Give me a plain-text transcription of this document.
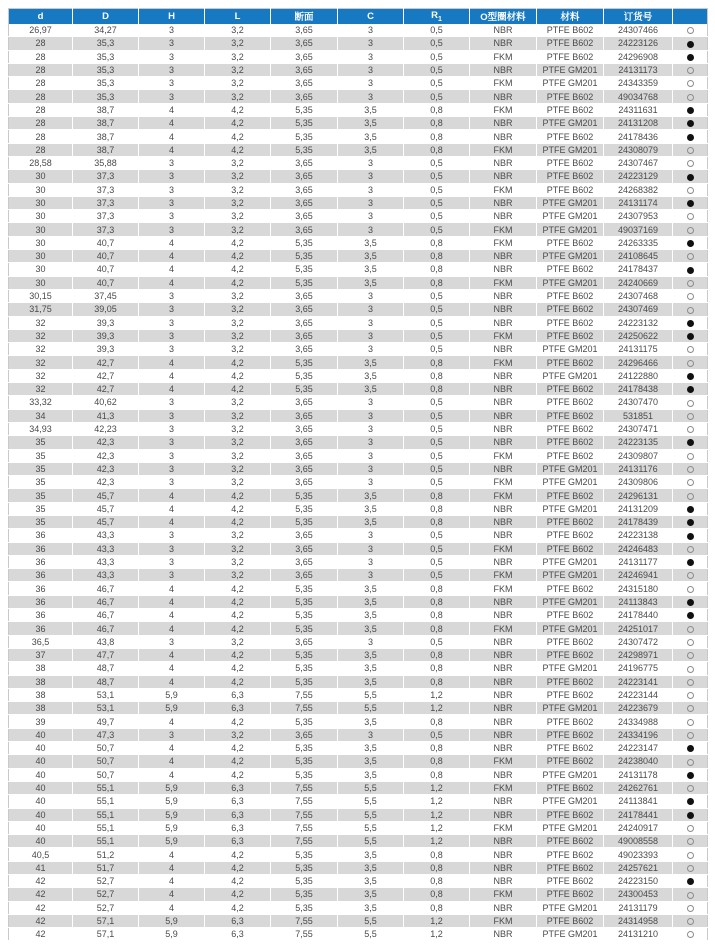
d	D	H	L	断面	C	$R_1$	O型圈材料	材料	订货号	
26,97	34,27	3	3,2	3,65	3	0,5	NBR	PTFE B602	24307466	
28	35,3	3	3,2	3,65	3	0,5	NBR	PTFE B602	24223126	
28	35,3	3	3,2	3,65	3	0,5	FKM	PTFE B602	24296908	
28	35,3	3	3,2	3,65	3	0,5	NBR	PTFE GM201	24131173	
28	35,3	3	3,2	3,65	3	0,5	FKM	PTFE GM201	24343359	
28	35,3	3	3,2	3,65	3	0,5	NBR	PTFE B602	49034768	
28	38,7	4	4,2	5,35	3,5	0,8	FKM	PTFE B602	24311631	
28	38,7	4	4,2	5,35	3,5	0,8	NBR	PTFE GM201	24131208	
28	38,7	4	4,2	5,35	3,5	0,8	NBR	PTFE B602	24178436	
28	38,7	4	4,2	5,35	3,5	0,8	FKM	PTFE GM201	24308079	
28,58	35,88	3	3,2	3,65	3	0,5	NBR	PTFE B602	24307467	
30	37,3	3	3,2	3,65	3	0,5	NBR	PTFE B602	24223129	
30	37,3	3	3,2	3,65	3	0,5	FKM	PTFE B602	24268382	
30	37,3	3	3,2	3,65	3	0,5	NBR	PTFE GM201	24131174	
30	37,3	3	3,2	3,65	3	0,5	NBR	PTFE GM201	24307953	
30	37,3	3	3,2	3,65	3	0,5	FKM	PTFE GM201	49037169	
30	40,7	4	4,2	5,35	3,5	0,8	FKM	PTFE B602	24263335	
30	40,7	4	4,2	5,35	3,5	0,8	NBR	PTFE GM201	24108645	
30	40,7	4	4,2	5,35	3,5	0,8	NBR	PTFE B602	24178437	
30	40,7	4	4,2	5,35	3,5	0,8	FKM	PTFE GM201	24240669	
30,15	37,45	3	3,2	3,65	3	0,5	NBR	PTFE B602	24307468	
31,75	39,05	3	3,2	3,65	3	0,5	NBR	PTFE B602	24307469	
32	39,3	3	3,2	3,65	3	0,5	NBR	PTFE B602	24223132	
32	39,3	3	3,2	3,65	3	0,5	FKM	PTFE B602	24250622	
32	39,3	3	3,2	3,65	3	0,5	NBR	PTFE GM201	24131175	
32	42,7	4	4,2	5,35	3,5	0,8	FKM	PTFE B602	24296466	
32	42,7	4	4,2	5,35	3,5	0,8	NBR	PTFE GM201	24122880	
32	42,7	4	4,2	5,35	3,5	0,8	NBR	PTFE B602	24178438	
33,32	40,62	3	3,2	3,65	3	0,5	NBR	PTFE B602	24307470	
34	41,3	3	3,2	3,65	3	0,5	NBR	PTFE B602	531851	
34,93	42,23	3	3,2	3,65	3	0,5	NBR	PTFE B602	24307471	
35	42,3	3	3,2	3,65	3	0,5	NBR	PTFE B602	24223135	
35	42,3	3	3,2	3,65	3	0,5	FKM	PTFE B602	24309807	
35	42,3	3	3,2	3,65	3	0,5	NBR	PTFE GM201	24131176	
35	42,3	3	3,2	3,65	3	0,5	FKM	PTFE GM201	24309806	
35	45,7	4	4,2	5,35	3,5	0,8	FKM	PTFE B602	24296131	
35	45,7	4	4,2	5,35	3,5	0,8	NBR	PTFE GM201	24131209	
35	45,7	4	4,2	5,35	3,5	0,8	NBR	PTFE B602	24178439	
36	43,3	3	3,2	3,65	3	0,5	NBR	PTFE B602	24223138	
36	43,3	3	3,2	3,65	3	0,5	FKM	PTFE B602	24246483	
36	43,3	3	3,2	3,65	3	0,5	NBR	PTFE GM201	24131177	
36	43,3	3	3,2	3,65	3	0,5	FKM	PTFE GM201	24246941	
36	46,7	4	4,2	5,35	3,5	0,8	FKM	PTFE B602	24315180	
36	46,7	4	4,2	5,35	3,5	0,8	NBR	PTFE GM201	24113843	
36	46,7	4	4,2	5,35	3,5	0,8	NBR	PTFE B602	24178440	
36	46,7	4	4,2	5,35	3,5	0,8	FKM	PTFE GM201	24251017	
36,5	43,8	3	3,2	3,65	3	0,5	NBR	PTFE B602	24307472	
37	47,7	4	4,2	5,35	3,5	0,8	NBR	PTFE B602	24298971	
38	48,7	4	4,2	5,35	3,5	0,8	NBR	PTFE GM201	24196775	
38	48,7	4	4,2	5,35	3,5	0,8	NBR	PTFE B602	24223141	
38	53,1	5,9	6,3	7,55	5,5	1,2	NBR	PTFE B602	24223144	
38	53,1	5,9	6,3	7,55	5,5	1,2	NBR	PTFE GM201	24223679	
39	49,7	4	4,2	5,35	3,5	0,8	NBR	PTFE B602	24334988	
40	47,3	3	3,2	3,65	3	0,5	NBR	PTFE B602	24334196	
40	50,7	4	4,2	5,35	3,5	0,8	NBR	PTFE B602	24223147	
40	50,7	4	4,2	5,35	3,5	0,8	FKM	PTFE B602	24238040	
40	50,7	4	4,2	5,35	3,5	0,8	NBR	PTFE GM201	24131178	
40	55,1	5,9	6,3	7,55	5,5	1,2	FKM	PTFE B602	24262761	
40	55,1	5,9	6,3	7,55	5,5	1,2	NBR	PTFE GM201	24113841	
40	55,1	5,9	6,3	7,55	5,5	1,2	NBR	PTFE B602	24178441	
40	55,1	5,9	6,3	7,55	5,5	1,2	FKM	PTFE GM201	24240917	
40	55,1	5,9	6,3	7,55	5,5	1,2	NBR	PTFE B602	49008558	
40,5	51,2	4	4,2	5,35	3,5	0,8	NBR	PTFE B602	49023393	
41	51,7	4	4,2	5,35	3,5	0,8	NBR	PTFE B602	24257621	
42	52,7	4	4,2	5,35	3,5	0,8	NBR	PTFE B602	24223150	
42	52,7	4	4,2	5,35	3,5	0,8	FKM	PTFE B602	24300453	
42	52,7	4	4,2	5,35	3,5	0,8	NBR	PTFE GM201	24131179	
42	57,1	5,9	6,3	7,55	5,5	1,2	FKM	PTFE B602	24314958	
42	57,1	5,9	6,3	7,55	5,5	1,2	NBR	PTFE GM201	24131210	
